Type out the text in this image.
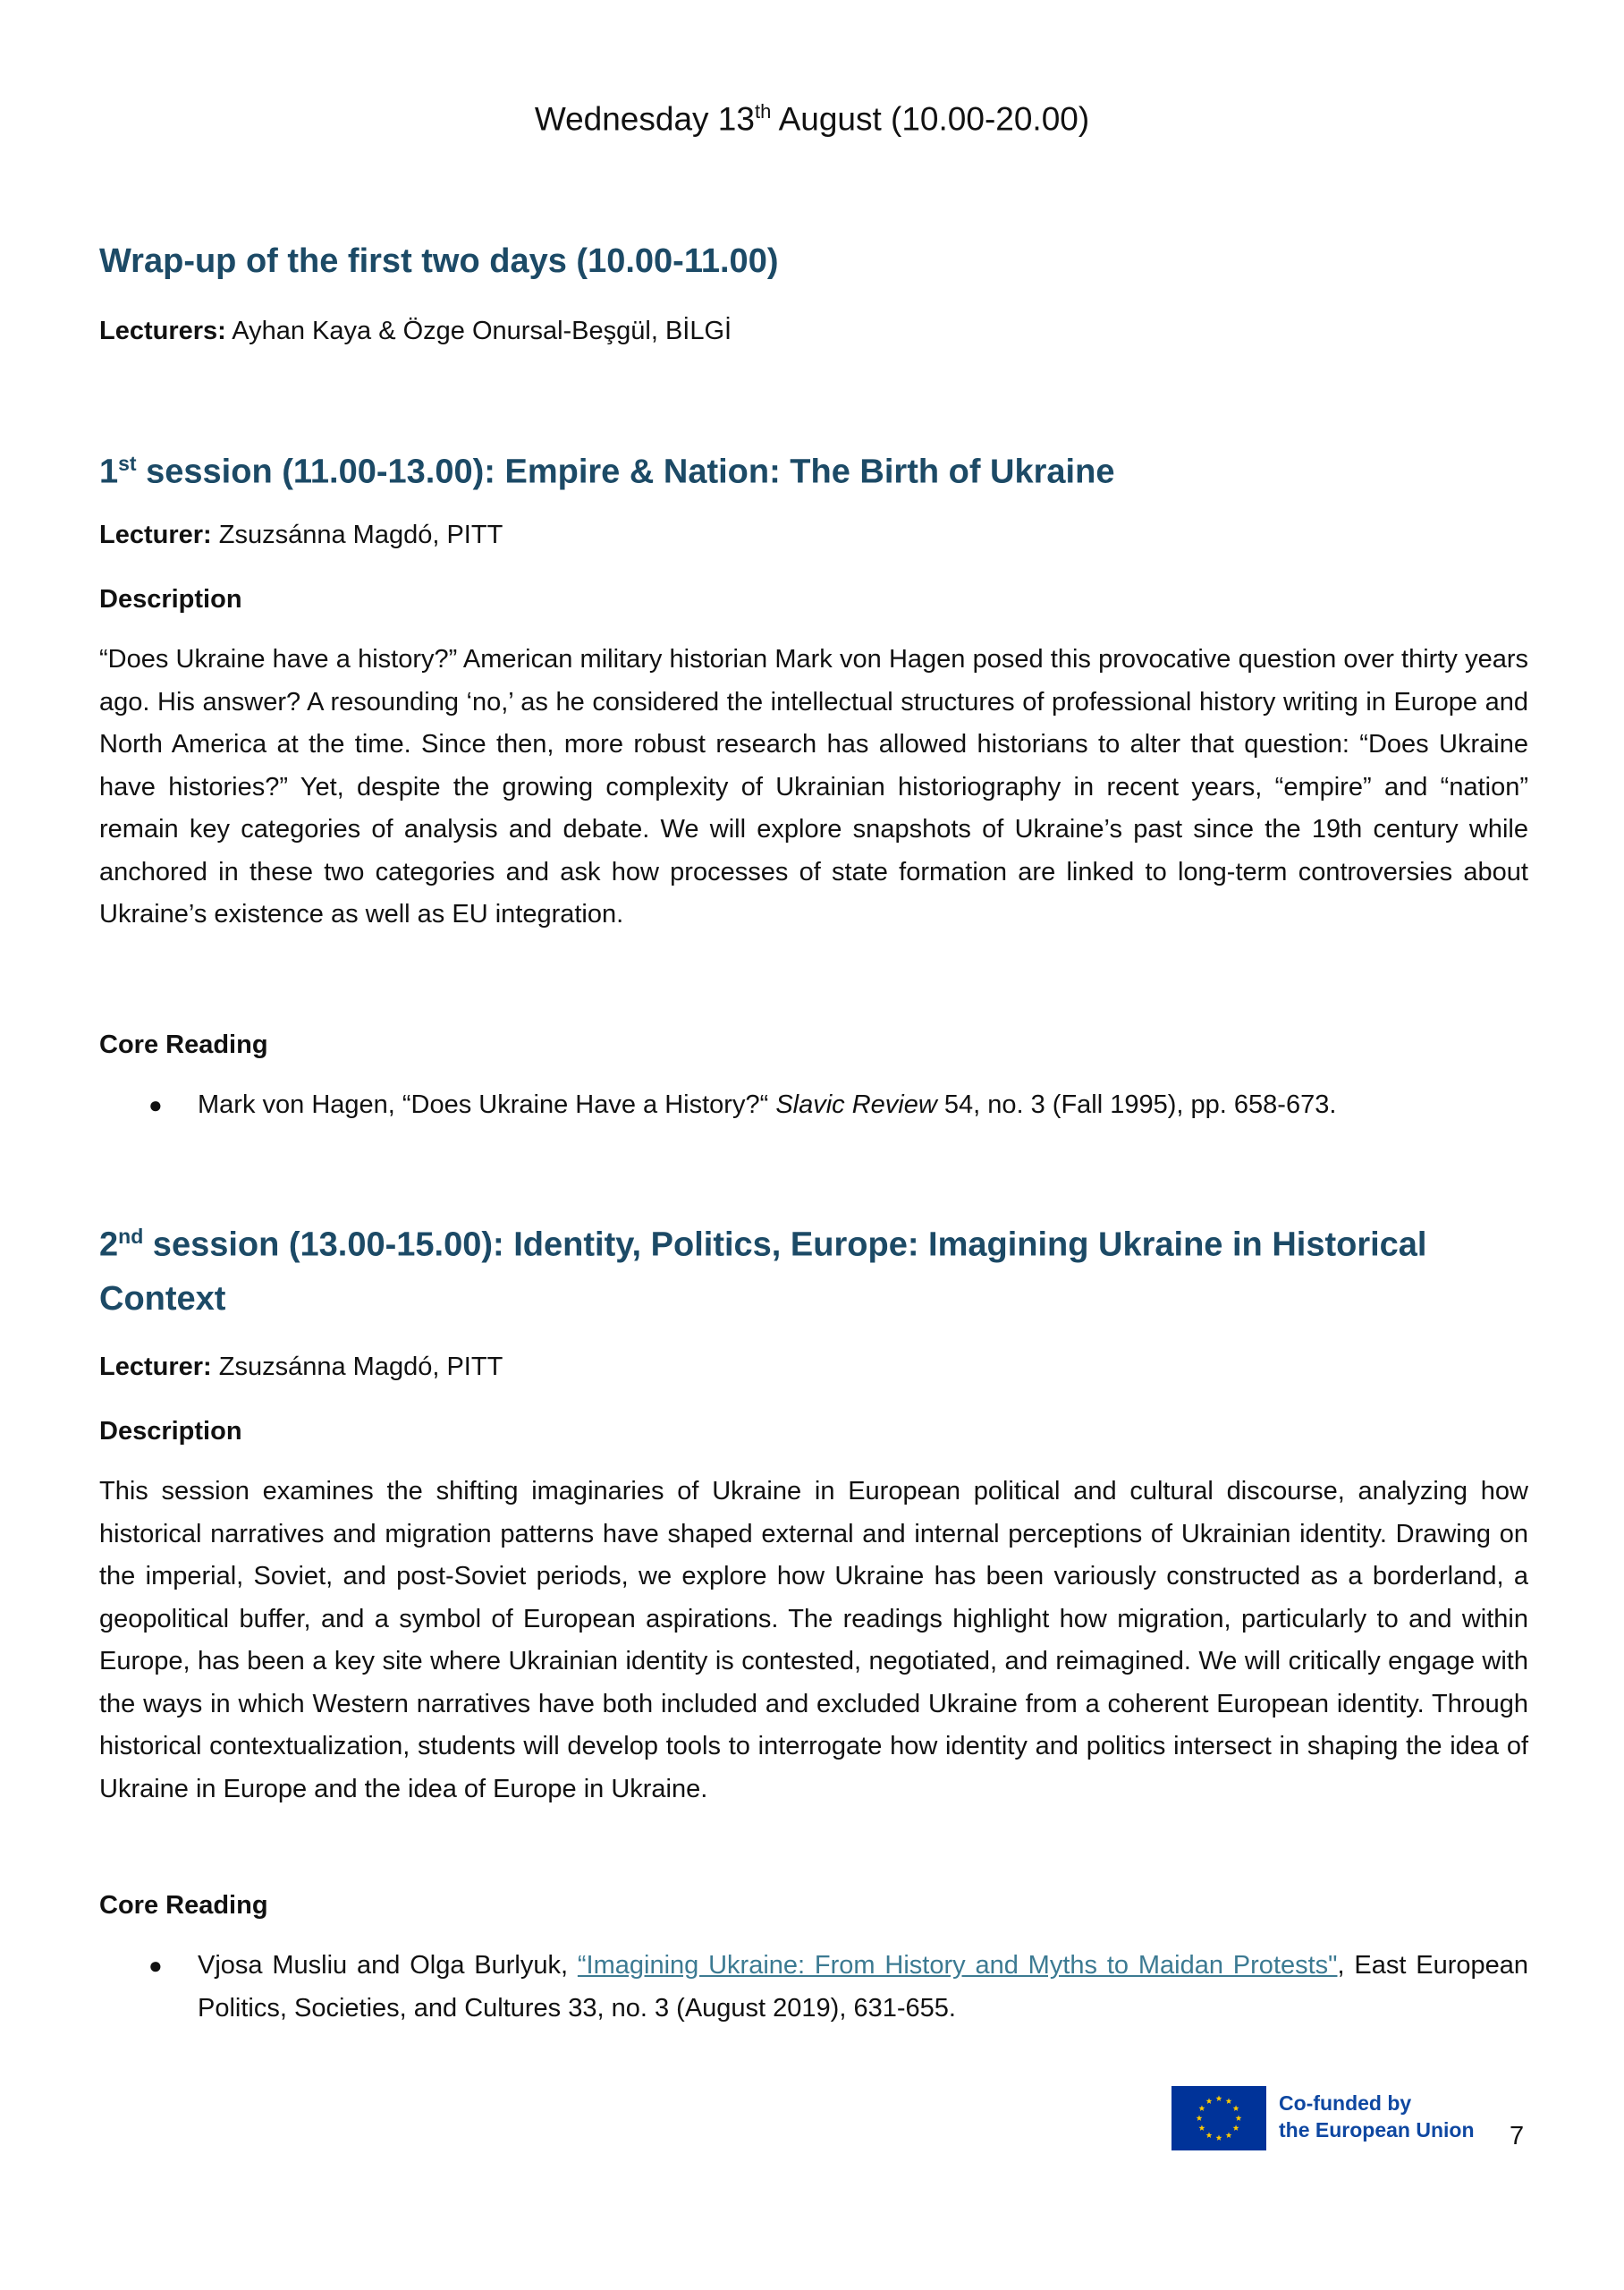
Wednesday 13th August (10.00-20.00)
Wrap-up of the first two days (10.00-11.00)
Lecturers: Ayhan Kaya & Özge Onursal-Beşgül, BİLGİ
1st session (11.00-13.00): Empire & Nation: The Birth of Ukraine
Lecturer: Zsuzsánna Magdó, PITT
Description

“Does Ukraine have a history?” American military historian Mark von Hagen posed this provocative question over thirty years ago. His answer? A resounding ‘no,’ as he considered the intellectual structures of professional history writing in Europe and North America at the time. Since then, more robust research has allowed historians to alter that question: “Does Ukraine have histories?” Yet, despite the growing complexity of Ukrainian historiography in recent years, “empire” and “nation” remain key categories of analysis and debate. We will explore snapshots of Ukraine’s past since the 19th century while anchored in these two categories and ask how processes of state formation are linked to long-term controversies about Ukraine’s existence as well as EU integration.

Core Reading
● Mark von Hagen, “Does Ukraine Have a History?“ Slavic Review 54, no. 3 (Fall 1995), pp. 658-673.
2nd session (13.00-15.00): Identity, Politics, Europe: Imagining Ukraine in Historical Context
Lecturer: Zsuzsánna Magdó, PITT
Description

This session examines the shifting imaginaries of Ukraine in European political and cultural discourse, analyzing how historical narratives and migration patterns have shaped external and internal perceptions of Ukrainian identity. Drawing on the imperial, Soviet, and post-Soviet periods, we explore how Ukraine has been variously constructed as a borderland, a geopolitical buffer, and a symbol of European aspirations. The readings highlight how migration, particularly to and within Europe, has been a key site where Ukrainian identity is contested, negotiated, and reimagined. We will critically engage with the ways in which Western narratives have both included and excluded Ukraine from a coherent European identity. Through historical contextualization, students will develop tools to interrogate how identity and politics intersect in shaping the idea of Ukraine in Europe and the idea of Europe in Ukraine.

Core Reading
● Vjosa Musliu and Olga Burlyuk, “Imagining Ukraine: From History and Myths to Maidan Protests", East European Politics, Societies, and Cultures 33, no. 3 (August 2019), 631-655.
Co-funded by
the European Union 7
